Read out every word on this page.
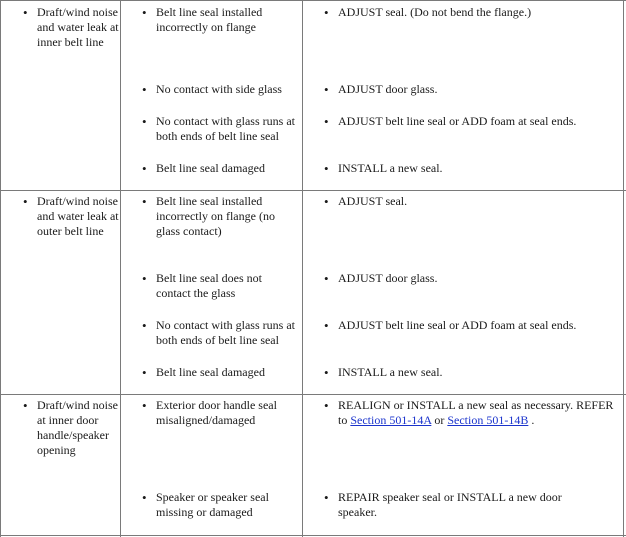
• Draft/wind noise and water leak at inner belt line
• Belt line seal installed incorrectly on flange
• No contact with side glass
• No contact with glass runs at both ends of belt line seal
• Belt line seal damaged
• ADJUST seal. (Do not bend the flange.)
• ADJUST door glass.
• ADJUST belt line seal or ADD foam at seal ends.
• INSTALL a new seal.
• Draft/wind noise and water leak at outer belt line
• Belt line seal installed incorrectly on flange (no glass contact)
• Belt line seal does not contact the glass
• No contact with glass runs at both ends of belt line seal
• Belt line seal damaged
• ADJUST seal.
• ADJUST door glass.
• ADJUST belt line seal or ADD foam at seal ends.
• INSTALL a new seal.
• Draft/wind noise at inner door handle/speaker opening
• Exterior door handle seal misaligned/damaged
• Speaker or speaker seal missing or damaged
• REALIGN or INSTALL a new seal as necessary. REFER to Section 501-14A or Section 501-14B .
• REPAIR speaker seal or INSTALL a new door speaker.
